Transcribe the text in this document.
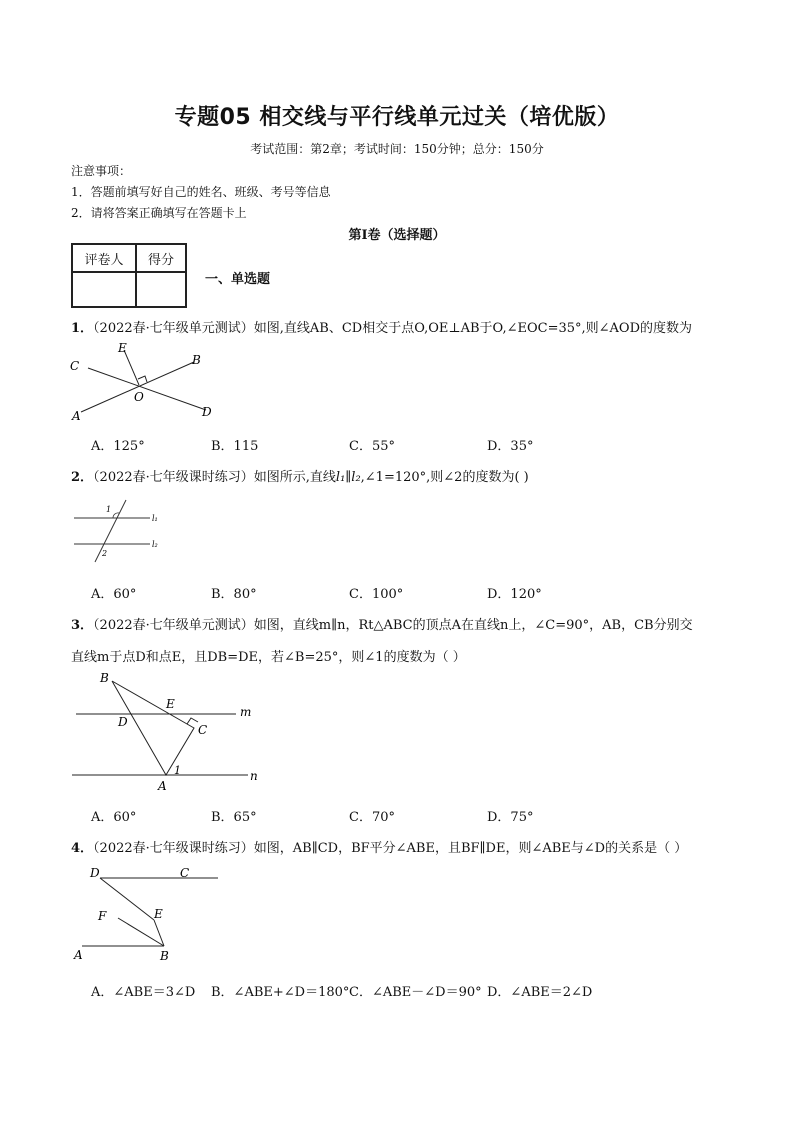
专题05 相交线与平行线单元过关（培优版）
考试范围：第2章；考试时间：150分钟；总分：150分
注意事项：
1．答题前填写好自己的姓名、班级、考号等信息
2．请将答案正确填写在答题卡上
第Ⅰ卷（选择题）
评卷人	得分

一、单选题
1．（2022春·七年级单元测试）如图,直线AB、CD相交于点O,OE⊥AB于O,∠EOC=35°,则∠AOD的度数为
C
E
B
O
A	D
A．125°	B．115	C．55°	D．35°
2．（2022春·七年级课时练习）如图所示,直线l₁∥l₂,∠1=120°,则∠2的度数为( )
1
2
l₁
l₂
A．60°	B．80°	C．100°	D．120°
3．（2022春·七年级单元测试）如图，直线m∥n，Rt△ABC的顶点A在直线n上，∠C=90°，AB，CB分别交
直线m于点D和点E，且DB=DE，若∠B=25°，则∠1的度数为（ ）
B
E
m
D
C
1	n
A
A．60°	B．65°	C．70°	D．75°
4．（2022春·七年级课时练习）如图，AB∥CD，BF平分∠ABE，且BF∥DE，则∠ABE与∠D的关系是（ ）
D	C
F	E
A	B
A．∠ABE＝3∠D B．∠ABE+∠D＝180° C．∠ABE－∠D＝90° D．∠ABE＝2∠D
